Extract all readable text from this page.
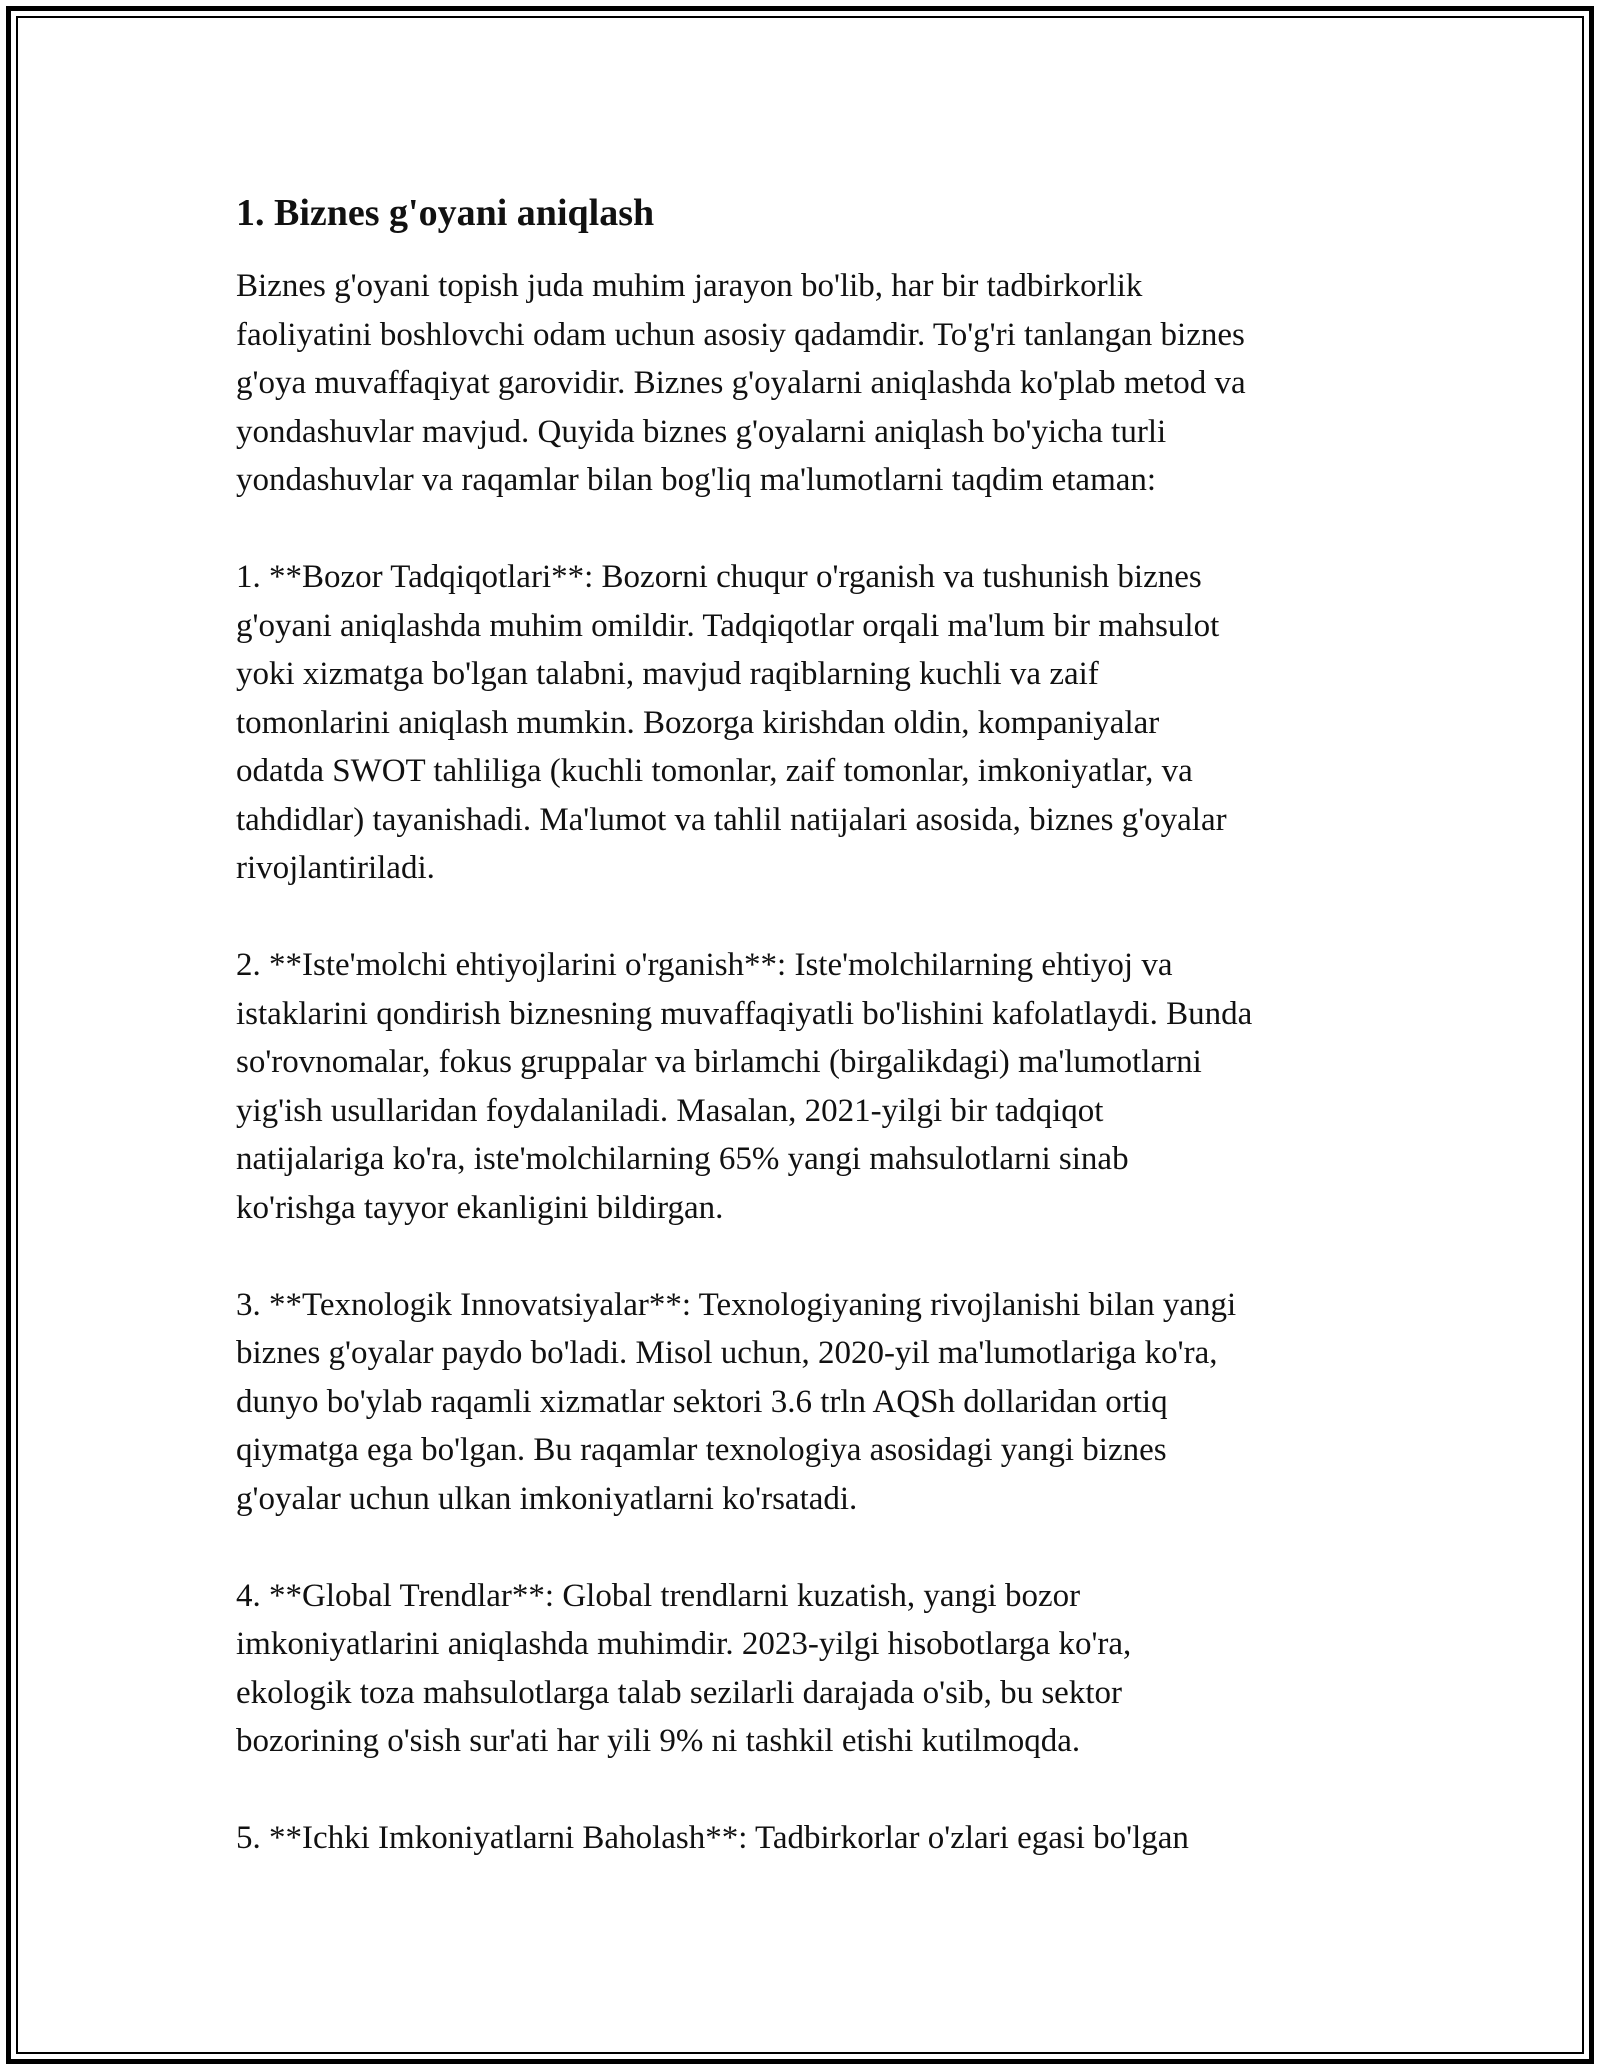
1. Biznes g'oyani aniqlash

Biznes g'oyani topish juda muhim jarayon bo'lib, har bir tadbirkorlik
faoliyatini boshlovchi odam uchun asosiy qadamdir. To'g'ri tanlangan biznes
g'oya muvaffaqiyat garovidir. Biznes g'oyalarni aniqlashda ko'plab metod va
yondashuvlar mavjud. Quyida biznes g'oyalarni aniqlash bo'yicha turli
yondashuvlar va raqamlar bilan bog'liq ma'lumotlarni taqdim etaman:

1. **Bozor Tadqiqotlari**: Bozorni chuqur o'rganish va tushunish biznes
g'oyani aniqlashda muhim omildir. Tadqiqotlar orqali ma'lum bir mahsulot
yoki xizmatga bo'lgan talabni, mavjud raqiblarning kuchli va zaif
tomonlarini aniqlash mumkin. Bozorga kirishdan oldin, kompaniyalar
odatda SWOT tahliliga (kuchli tomonlar, zaif tomonlar, imkoniyatlar, va
tahdidlar) tayanishadi. Ma'lumot va tahlil natijalari asosida, biznes g'oyalar
rivojlantiriladi.

2. **Iste'molchi ehtiyojlarini o'rganish**: Iste'molchilarning ehtiyoj va
istaklarini qondirish biznesning muvaffaqiyatli bo'lishini kafolatlaydi. Bunda
so'rovnomalar, fokus gruppalar va birlamchi (birgalikdagi) ma'lumotlarni
yig'ish usullaridan foydalaniladi. Masalan, 2021-yilgi bir tadqiqot
natijalariga ko'ra, iste'molchilarning 65% yangi mahsulotlarni sinab
ko'rishga tayyor ekanligini bildirgan.

3. **Texnologik Innovatsiyalar**: Texnologiyaning rivojlanishi bilan yangi
biznes g'oyalar paydo bo'ladi. Misol uchun, 2020-yil ma'lumotlariga ko'ra,
dunyo bo'ylab raqamli xizmatlar sektori 3.6 trln AQSh dollaridan ortiq
qiymatga ega bo'lgan. Bu raqamlar texnologiya asosidagi yangi biznes
g'oyalar uchun ulkan imkoniyatlarni ko'rsatadi.

4. **Global Trendlar**: Global trendlarni kuzatish, yangi bozor
imkoniyatlarini aniqlashda muhimdir. 2023-yilgi hisobotlarga ko'ra,
ekologik toza mahsulotlarga talab sezilarli darajada o'sib, bu sektor
bozorining o'sish sur'ati har yili 9% ni tashkil etishi kutilmoqda.

5. **Ichki Imkoniyatlarni Baholash**: Tadbirkorlar o'zlari egasi bo'lgan
